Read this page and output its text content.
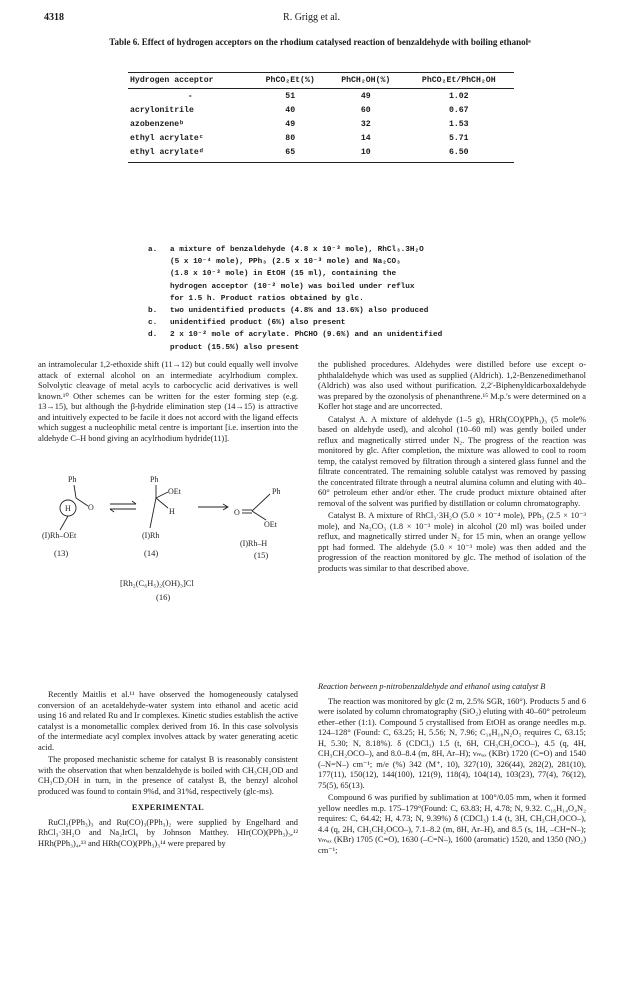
4318	R. Grigg et al.
Table 6. Effect of hydrogen acceptors on the rhodium catalysed reaction of benzaldehyde with boiling ethanolᵃ
Hydrogen acceptor	PhCO₂Et(%)	PhCH₂OH(%)	PhCO₂Et/PhCH₂OH
-	51	49	1.02
acrylonitrile	40	60	0.67
azobenzeneᵇ	49	32	1.53
ethyl acrylateᶜ	80	14	5.71
ethyl acrylateᵈ	65	10	6.50
a.	a mixture of benzaldehyde (4.8 x 10⁻³ mole), RhCl₃.3H₂O
(5 x 10⁻⁴ mole), PPh₃ (2.5 x 10⁻³ mole) and Na₂CO₃
(1.8 x 10⁻³ mole) in EtOH (15 ml), containing the
hydrogen acceptor (10⁻² mole) was boiled under reflux
for 1.5 h. Product ratios obtained by glc.
b.	two unidentified products (4.8% and 13.6%) also produced
c.	unidentified product (6%) also present
d.	2 x 10⁻² mole of acrylate. PhCHO (9.6%) and an unidentified
product (15.5%) also present

an intramolecular 1,2-ethoxide shift (11→12) but could equally well involve attack of external alcohol on an intermediate acylrhodium complex. Solvolytic cleavage of metal acyls to carbocyclic acid derivatives is well known.¹⁰ Other schemes can be written for the ester forming step (e.g. 13→15), but although the β-hydride elimination step (14→15) is attractive and intuitively expected to be facile it does not accord with the ligand effects which suggest a nucleophilic metal centre is important [i.e. insertion into the aldehyde C–H bond giving an acylrhodium hydride(11)].

Ph
H O
(I)Rh–OEt
(13)
Ph
OEt
H
(I)Rh
(14)
Ph
O
OEt
(I)Rh–H
(15)
[Rh₂(C₆H₅)₂(OH)₃]Cl
(16)

Recently Maitlis et al.¹¹ have observed the homogeneously catalysed conversion of an acetaldehyde-water system into ethanol and acetic acid using 16 and related Ru and Ir complexes. Kinetic studies establish the active catalyst is a monometallic complex derived from 16. In this case solvolysis of the intermediate acyl complex involves attack by water generating acetic acid.

The proposed mechanistic scheme for catalyst B is reasonably consistent with the observation that when benzaldehyde is boiled with CH₃CH₂OD and CH₃CD₂OH in turn, in the presence of catalyst B, the benzyl alcohol produced was found to contain 9%d, and 31%d, respectively (glc-ms).

EXPERIMENTAL

RuCl₂(PPh₃)₃ and Ru(CO)₃(PPh₃)₂ were supplied by Engelhard and RhCl₃·3H₂O and Na₂IrCl₆ by Johnson Matthey. HIr(CO)(PPh₃)₃,¹² HRh(PPh₃)₄,¹³ and HRh(CO)(PPh₃)₃¹⁴ were prepared by

the published procedures. Aldehydes were distilled before use except o-phthalaldehyde which was used as supplied (Aldrich). 1,2-Benzenedimethanol (Aldrich) was also used without purification. 2,2′-Biphenyldicarboxaldehyde was prepared by the ozonolysis of phenanthrene.¹⁵ M.p.'s were determined on a Kofler hot stage and are uncorrected.

Catalyst A. A mixture of aldehyde (1–5 g), HRh(CO)(PPh₃)₃ (5 mole% based on aldehyde used), and alcohol (10–60 ml) was gently boiled under reflux and magnetically stirred under N₂. The progress of the reaction was monitored by glc. After completion, the mixture was allowed to cool to room temp, the catalyst removed by filtration through a sintered glass funnel and the filtrate concentrated. The remaining soluble catalyst was removed by passing the concentrated filtrate through a neutral alumina column and eluting with 40–60° petroleum ether and/or ether. The crude product mixture obtained after removal of the solvent was purified by distillation or column chromatography.

Catalyst B. A mixture of RhCl₃·3H₂O (5.0 × 10⁻⁴ mole), PPh₃ (2.5 × 10⁻³ mole), and Na₂CO₃ (1.8 × 10⁻³ mole) in alcohol (20 ml) was boiled under reflux, and magnetically stirred under N₂ for 15 min, when an orange yellow ppt had formed. The aldehyde (5.0 × 10⁻³ mole) was then added and the progression of the reaction monitored by glc. The method of isolation of the products was similar to that described above.

Reaction between p-nitrobenzaldehyde and ethanol using catalyst B

The reaction was monitored by glc (2 m, 2.5% SGR, 160°). Products 5 and 6 were isolated by column chromatography (SiO₂) eluting with 40–60° petroleum ether–ether (1:1). Compound 5 crystallised from EtOH as orange needles m.p. 124–128° (Found: C, 63.25; H, 5.56; N, 7.96; C₁₈H₁₈N₂O₅ requires C, 63.15; H, 5.30; N, 8.18%). δ (CDCl₃) 1.5 (t, 6H, CH₃CH₂OCO–), 4.5 (q, 4H, CH₃CH₂OCO–), and 8.0–8.4 (m, 8H, Ar–H); νₘₐₓ (KBr) 1720 (C=O) and 1540 (–N=N–) cm⁻¹; m/e (%) 342 (M⁺, 10), 327(10), 326(44), 282(2), 281(10), 177(11), 150(12), 144(100), 121(9), 118(4), 104(14), 103(23), 77(4), 76(12), 75(5), 65(13).

Compound 6 was purified by sublimation at 100°/0.05 mm, when it formed yellow needles m.p. 175–179°(Found: C, 63.83; H, 4.78; N, 9.32. C₁₆H₁₄O₄N₂ requires: C, 64.42; H, 4.73; N, 9.39%) δ (CDCl₃) 1.4 (t, 3H, CH₃CH₂OCO–), 4.4 (q, 2H, CH₃CH₂OCO–), 7.1–8.2 (m, 8H, Ar–H), and 8.5 (s, 1H, –CH=N–); νₘₐₓ (KBr) 1705 (C=O), 1630 (–C=N–), 1600 (aromatic) 1520, and 1350 (NO₂) cm⁻¹;
